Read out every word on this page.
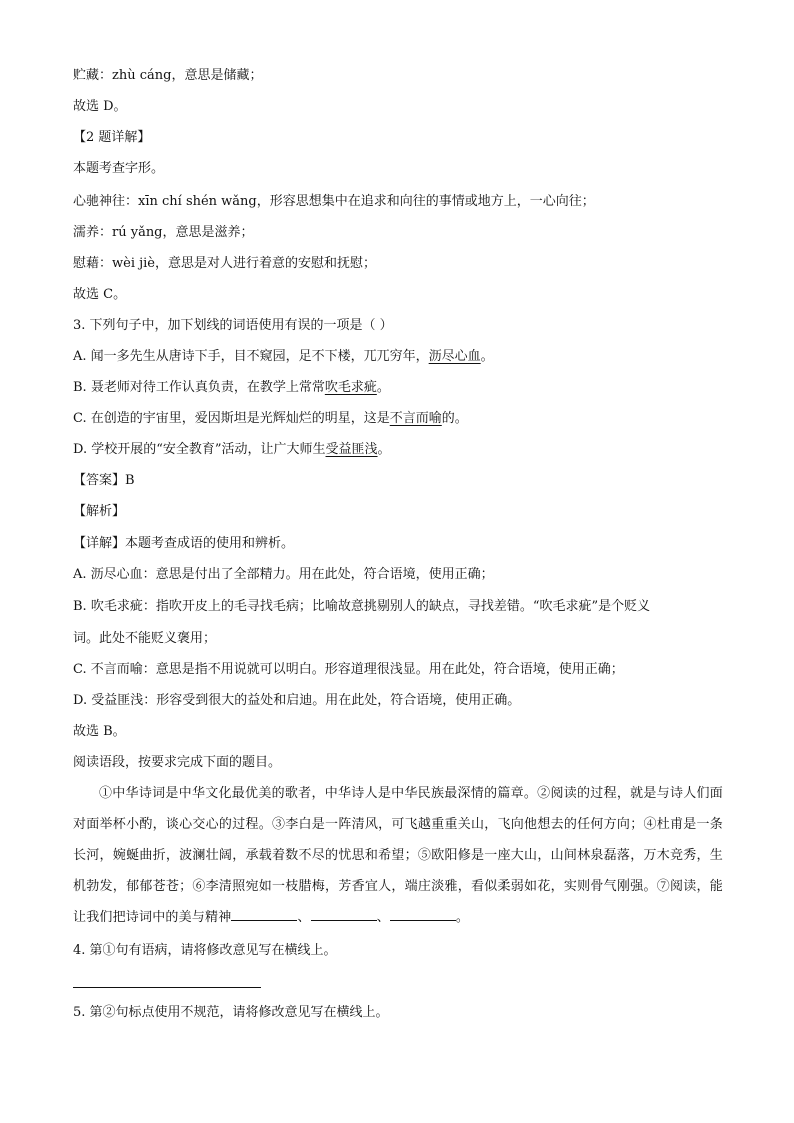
贮藏：zhù cáng，意思是储藏；
故选 D。
【2 题详解】
本题考查字形。
心驰神往：xīn chí shén wǎng，形容思想集中在追求和向往的事情或地方上，一心向往；
濡养：rú yǎng，意思是滋养；
慰藉：wèi jiè，意思是对人进行着意的安慰和抚慰；
故选 C。
3. 下列句子中，加下划线的词语使用有误的一项是（ ）
A. 闻一多先生从唐诗下手，目不窥园，足不下楼，兀兀穷年，沥尽心血。
B. 聂老师对待工作认真负责，在教学上常常吹毛求疵。
C. 在创造的宇宙里，爱因斯坦是光辉灿烂的明星，这是不言而喻的。
D. 学校开展的“安全教育”活动，让广大师生受益匪浅。
【答案】B
【解析】
【详解】本题考查成语的使用和辨析。
A. 沥尽心血：意思是付出了全部精力。用在此处，符合语境，使用正确；
B. 吹毛求疵：指吹开皮上的毛寻找毛病；比喻故意挑剔别人的缺点，寻找差错。“吹毛求疵”是个贬义
词。此处不能贬义褒用；
C. 不言而喻：意思是指不用说就可以明白。形容道理很浅显。用在此处，符合语境，使用正确；
D. 受益匪浅：形容受到很大的益处和启迪。用在此处，符合语境，使用正确。
故选 B。
阅读语段，按要求完成下面的题目。
①中华诗词是中华文化最优美的歌者，中华诗人是中华民族最深情的篇章。②阅读的过程，就是与诗人们面对面举杯小酌，谈心交心的过程。③李白是一阵清风，可飞越重重关山，飞向他想去的任何方向；④杜甫是一条长河，婉蜒曲折，波澜壮阔，承载着数不尽的忧思和希望；⑤欧阳修是一座大山，山间林泉磊落，万木竞秀，生机勃发，郁郁苍苍；⑥李清照宛如一枝腊梅，芳香宜人，端庄淡雅，看似柔弱如花，实则骨气刚强。⑦阅读，能让我们把诗词中的美与精神	、	、	。
4. 第①句有语病，请将修改意见写在横线上。
5. 第②句标点使用不规范，请将修改意见写在横线上。
